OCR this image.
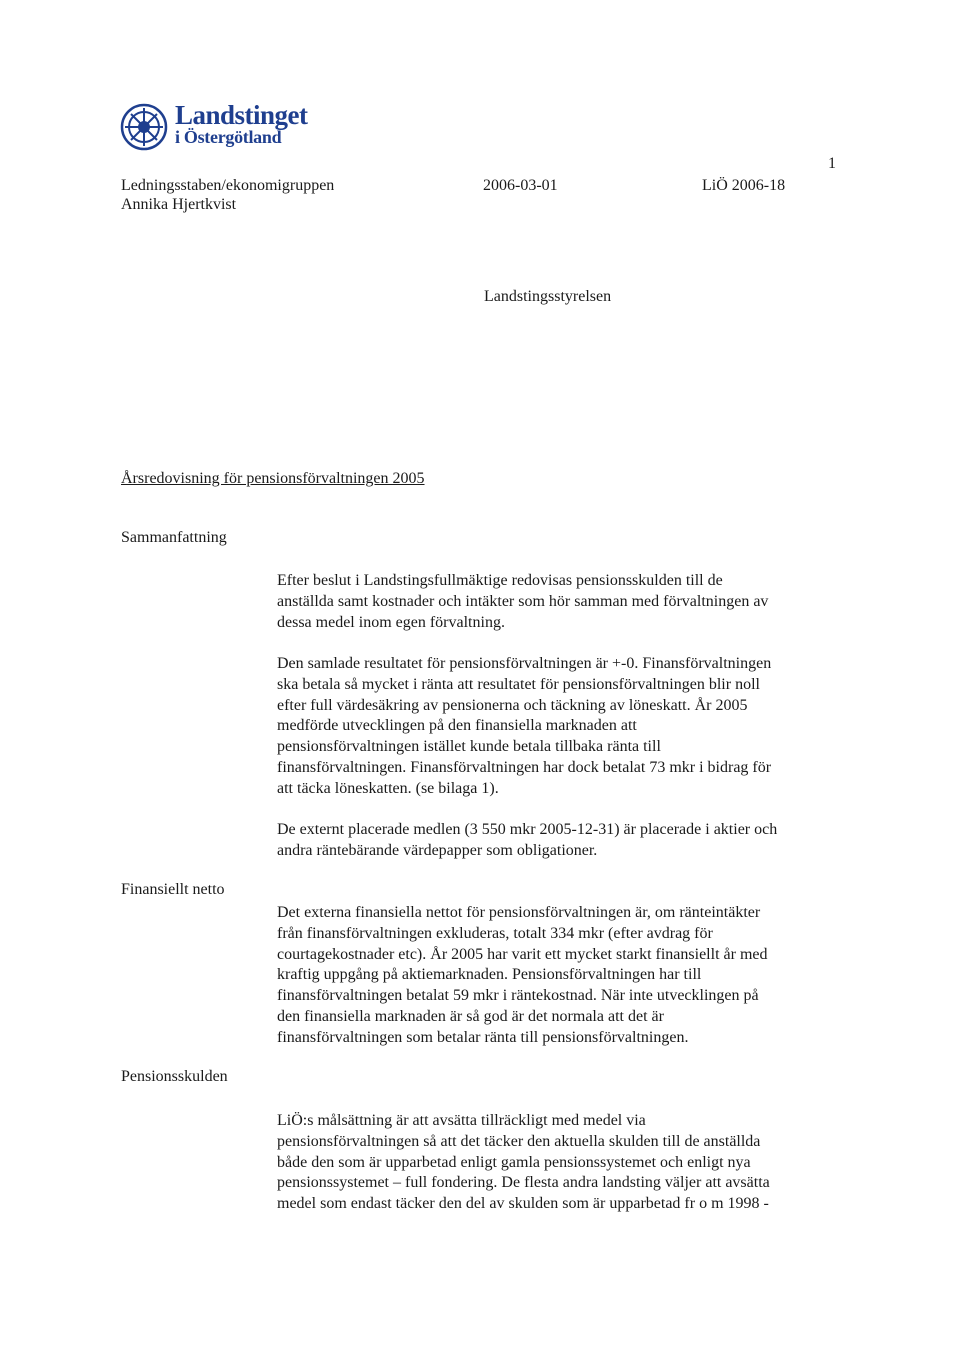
Landstinget
i Östergötland
1
Ledningsstaben/ekonomigruppen
Annika Hjertkvist
2006-03-01	LiÖ 2006-18
Landstingsstyrelsen
Årsredovisning för pensionsförvaltningen 2005
Sammanfattning
Efter beslut i Landstingsfullmäktige redovisas pensionsskulden till de
anställda samt kostnader och intäkter som hör samman med förvaltningen av
dessa medel inom egen förvaltning.
Den samlade resultatet för pensionsförvaltningen är +-0. Finansförvaltningen
ska betala så mycket i ränta att resultatet för pensionsförvaltningen blir noll
efter full värdesäkring av pensionerna och täckning av löneskatt. År 2005
medförde utvecklingen på den finansiella marknaden att
pensionsförvaltningen istället kunde betala tillbaka ränta till
finansförvaltningen. Finansförvaltningen har dock betalat 73 mkr i bidrag för
att täcka löneskatten. (se bilaga 1).
De externt placerade medlen (3 550 mkr 2005-12-31) är placerade i aktier och
andra räntebärande värdepapper som obligationer.
Finansiellt netto
Det externa finansiella nettot för pensionsförvaltningen är, om ränteintäkter
från finansförvaltningen exkluderas, totalt 334 mkr (efter avdrag för
courtagekostnader etc). År 2005 har varit ett mycket starkt finansiellt år med
kraftig uppgång på aktiemarknaden. Pensionsförvaltningen har till
finansförvaltningen betalat 59 mkr i räntekostnad. När inte utvecklingen på
den finansiella marknaden är så god är det normala att det är
finansförvaltningen som betalar ränta till pensionsförvaltningen.
Pensionsskulden
LiÖ:s målsättning är att avsätta tillräckligt med medel via
pensionsförvaltningen så att det täcker den aktuella skulden till de anställda
både den som är upparbetad enligt gamla pensionssystemet och enligt nya
pensionssystemet – full fondering. De flesta andra landsting väljer att avsätta
medel som endast täcker den del av skulden som är upparbetad fr o m 1998 -
